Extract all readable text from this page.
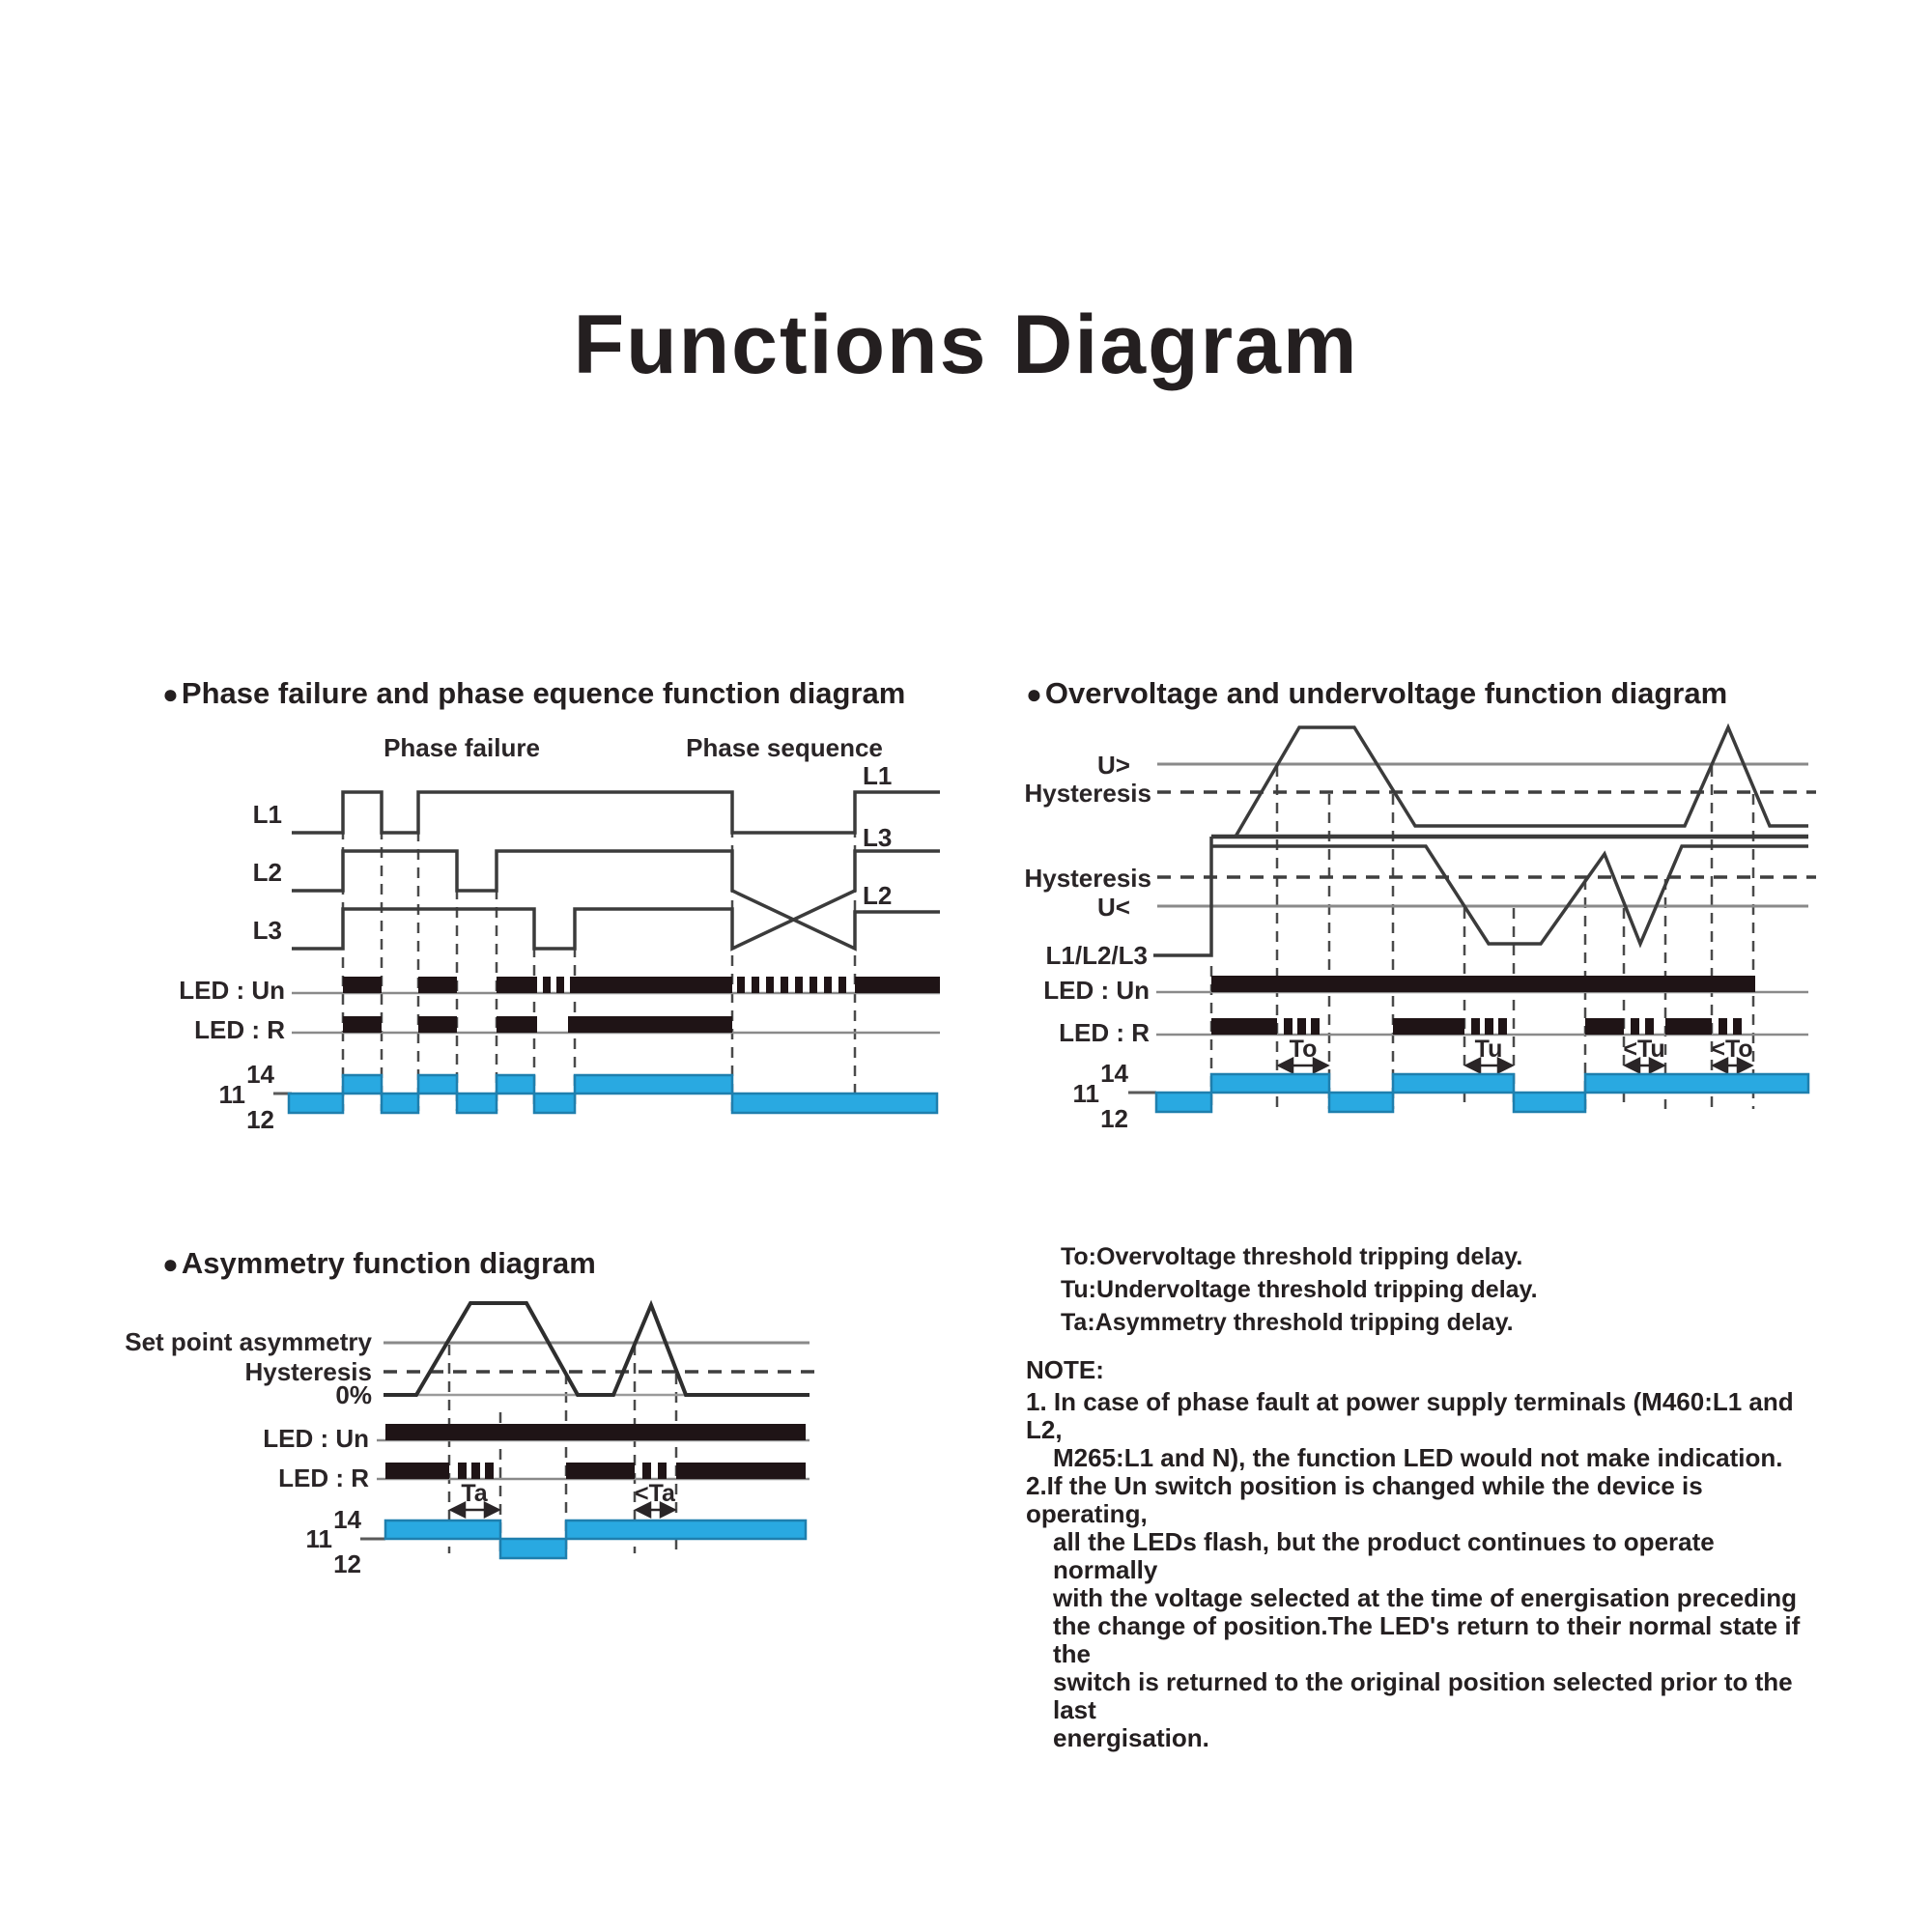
Functions Diagram
●Phase failure and phase equence function diagram	●Overvoltage and undervoltage function diagram
●Asymmetry function diagram	To:Overvoltage threshold tripping delay.
Tu:Undervoltage threshold tripping delay.
Ta:Asymmetry threshold tripping delay.
NOTE:
1. In case of phase fault at power supply terminals (M460:L1 and L2,
M265:L1 and N), the function LED would not make indication.
2.If the Un switch position is changed while the device is operating,
all the LEDs flash, but the product continues to operate normally
with the voltage selected at the time of energisation preceding
the change of position.The LED's return to their normal state if the
switch is returned to the original position selected prior to the last
energisation.
Phase failure	Phase sequence
L1
L2
L3
L1
L3
L2
LED : Un
LED : R
14
11
12
U>
Hysteresis
Hysteresis
U<
L1/L2/L3
LED : Un
LED : R
To	Tu	<Tu <To
14
11
12
Set point asymmetry
Hysteresis
0%
LED : Un
LED : R
Ta	<Ta
14
11
12
